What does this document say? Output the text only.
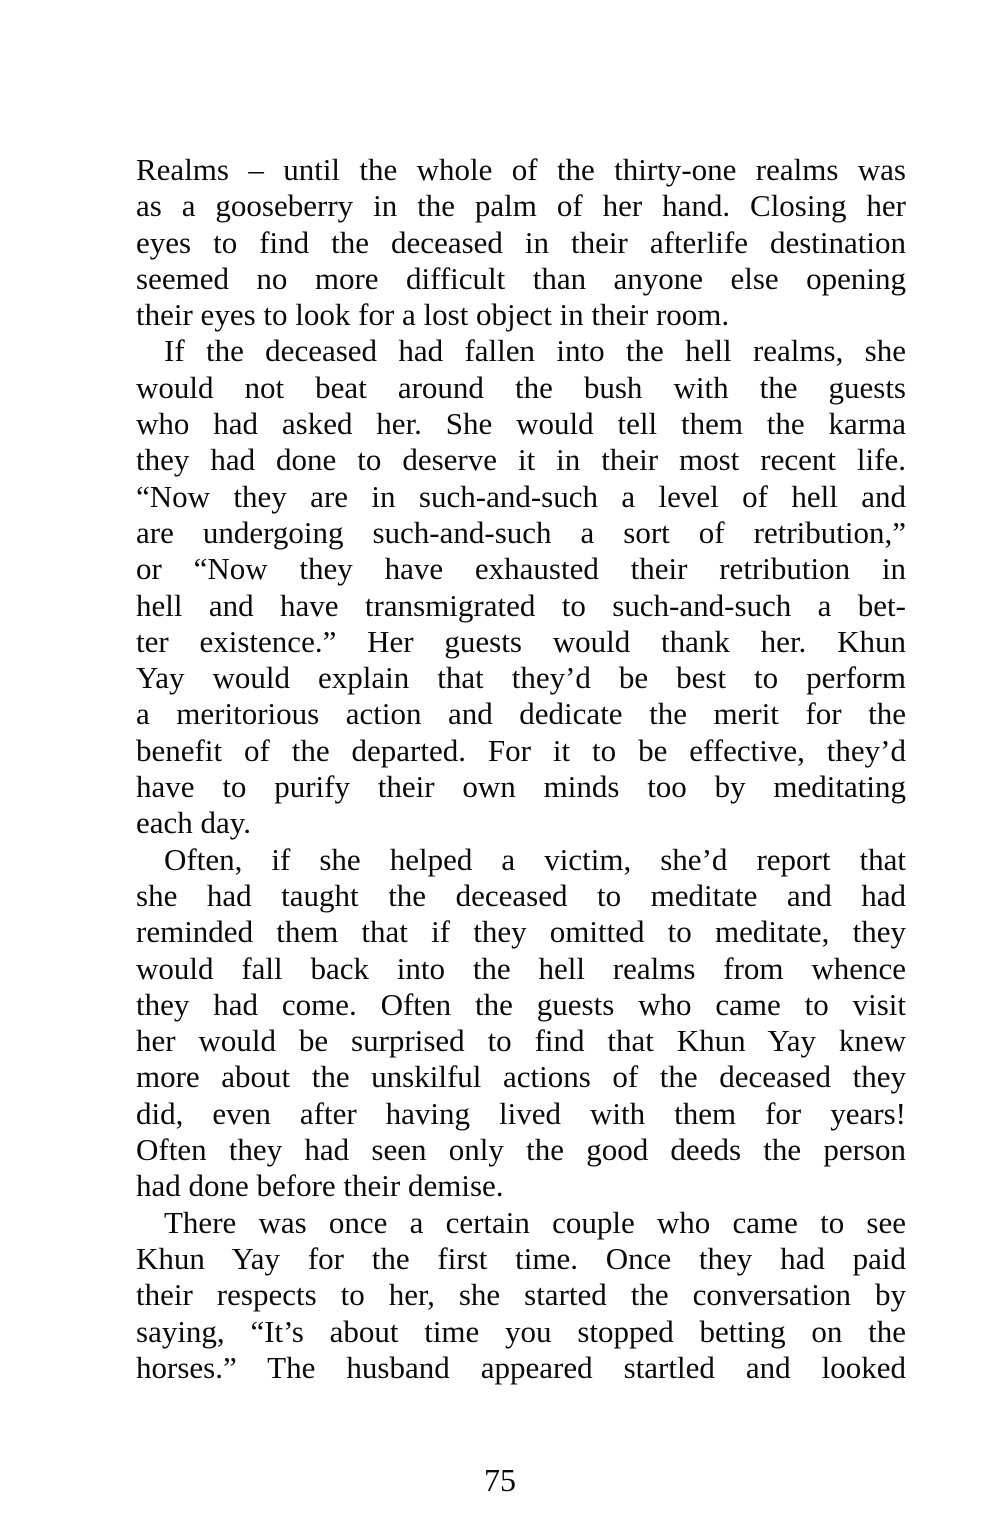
Realms – until the whole of the thirty-one realms was
as a gooseberry in the palm of her hand. Closing her
eyes to find the deceased in their afterlife destination
seemed no more difficult than anyone else opening
their eyes to look for a lost object in their room.
If the deceased had fallen into the hell realms, she
would not beat around the bush with the guests
who had asked her. She would tell them the karma
they had done to deserve it in their most recent life.
“Now they are in such-and-such a level of hell and
are undergoing such-and-such a sort of retribution,”
or “Now they have exhausted their retribution in
hell and have transmigrated to such-and-such a bet-
ter existence.” Her guests would thank her. Khun
Yay would explain that they’d be best to perform
a meritorious action and dedicate the merit for the
benefit of the departed. For it to be effective, they’d
have to purify their own minds too by meditating
each day.
Often, if she helped a victim, she’d report that
she had taught the deceased to meditate and had
reminded them that if they omitted to meditate, they
would fall back into the hell realms from whence
they had come. Often the guests who came to visit
her would be surprised to find that Khun Yay knew
more about the unskilful actions of the deceased they
did, even after having lived with them for years!
Often they had seen only the good deeds the person
had done before their demise.
There was once a certain couple who came to see
Khun Yay for the first time. Once they had paid
their respects to her, she started the conversation by
saying, “It’s about time you stopped betting on the
horses.” The husband appeared startled and looked
75
